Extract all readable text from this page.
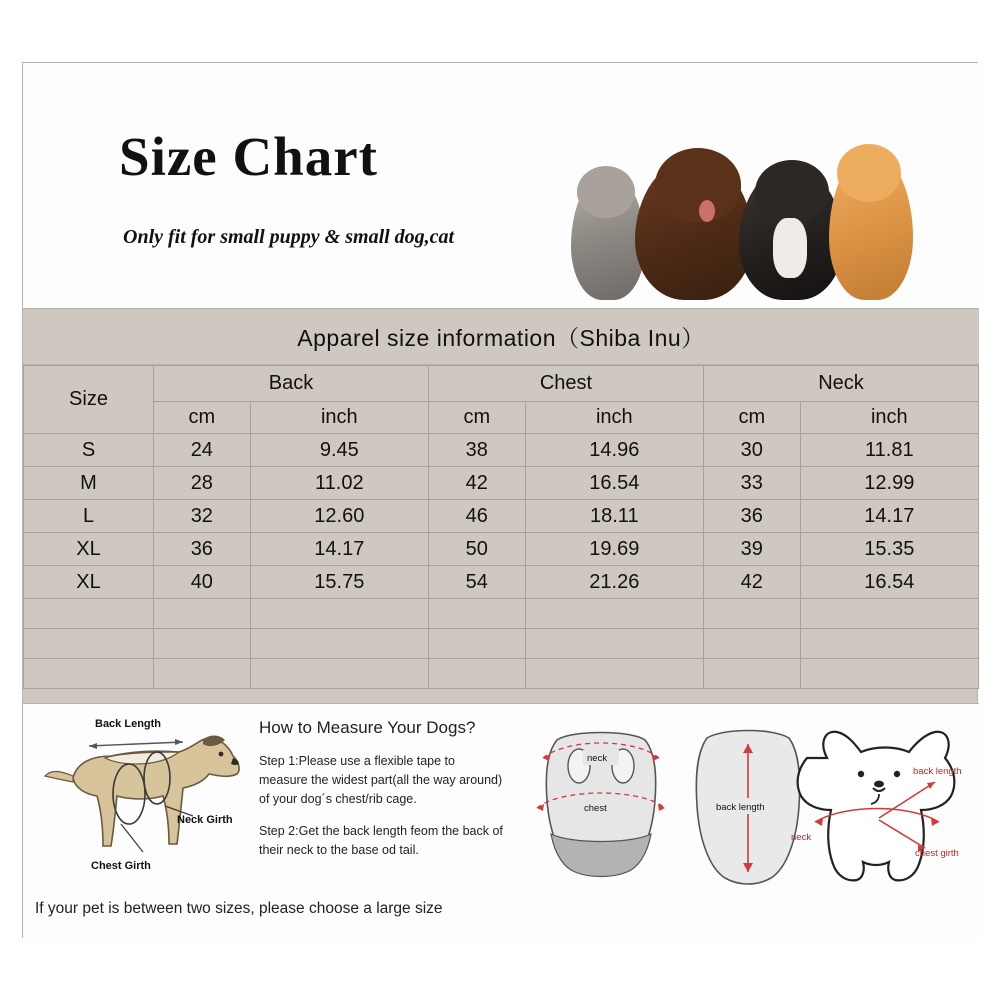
Size Chart
Only fit for small puppy & small dog,cat
Apparel size information（Shiba Inu）
Size	Back		Chest		Neck	
	cm	inch	cm	inch	cm	inch
S	24	9.45	38	14.96	30	11.81
M	28	11.02	42	16.54	33	12.99
L	32	12.60	46	18.11	36	14.17
XL	36	14.17	50	19.69	39	15.35
XL	40	15.75	54	21.26	42	16.54

Back Length
Neck Girth
Chest Girth
How to Measure Your Dogs?
Step 1:Please use a flexible tape to measure the widest part(all the way around) of your dog´s chest/rib cage.
Step 2:Get the back length feom the back of their neck to the base od tail.
If your pet is between two sizes, please choose a large size
neck
chest	back length
neck
back length
chest girth
